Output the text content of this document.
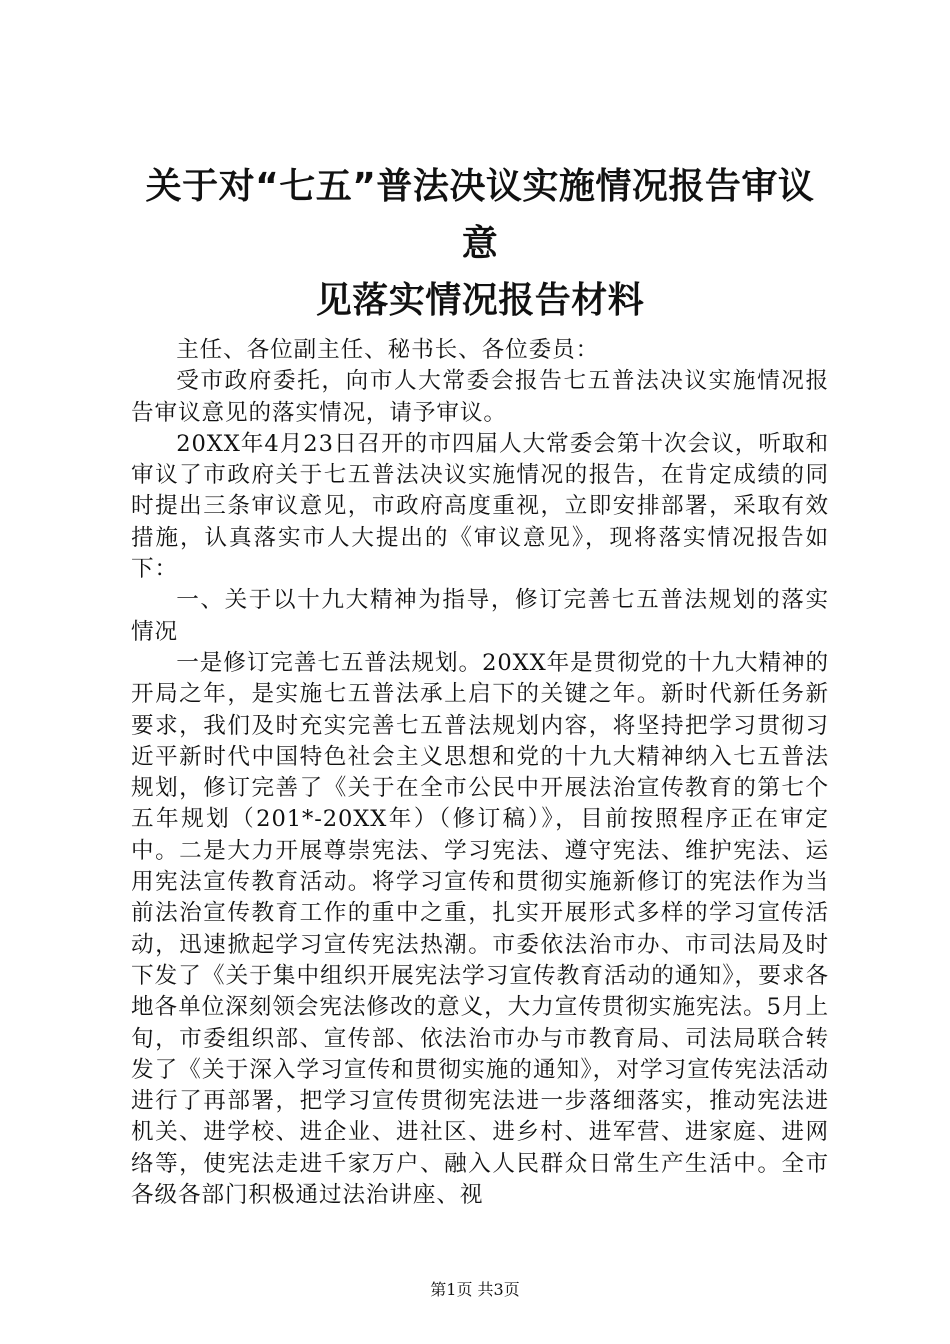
关于对“七五”普法决议实施情况报告审议意
见落实情况报告材料

主任、各位副主任、秘书长、各位委员：

受市政府委托，向市人大常委会报告七五普法决议实施情况报告审议意见的落实情况，请予审议。

20XX年4月23日召开的市四届人大常委会第十次会议，听取和审议了市政府关于七五普法决议实施情况的报告，在肯定成绩的同时提出三条审议意见，市政府高度重视，立即安排部署，采取有效措施，认真落实市人大提出的《审议意见》，现将落实情况报告如下：

一、关于以十九大精神为指导，修订完善七五普法规划的落实情况

一是修订完善七五普法规划。20XX年是贯彻党的十九大精神的开局之年，是实施七五普法承上启下的关键之年。新时代新任务新要求，我们及时充实完善七五普法规划内容，将坚持把学习贯彻习近平新时代中国特色社会主义思想和党的十九大精神纳入七五普法规划，修订完善了《关于在全市公民中开展法治宣传教育的第七个五年规划（201*-20XX年）（修订稿）》，目前按照程序正在审定中。二是大力开展尊崇宪法、学习宪法、遵守宪法、维护宪法、运用宪法宣传教育活动。将学习宣传和贯彻实施新修订的宪法作为当前法治宣传教育工作的重中之重，扎实开展形式多样的学习宣传活动，迅速掀起学习宣传宪法热潮。市委依法治市办、市司法局及时下发了《关于集中组织开展宪法学习宣传教育活动的通知》，要求各地各单位深刻领会宪法修改的意义，大力宣传贯彻实施宪法。5月上旬，市委组织部、宣传部、依法治市办与市教育局、司法局联合转发了《关于深入学习宣传和贯彻实施的通知》，对学习宣传宪法活动进行了再部署，把学习宣传贯彻宪法进一步落细落实，推动宪法进机关、进学校、进企业、进社区、进乡村、进军营、进家庭、进网络等，使宪法走进千家万户、融入人民群众日常生产生活中。全市各级各部门积极通过法治讲座、视

第1页 共3页
